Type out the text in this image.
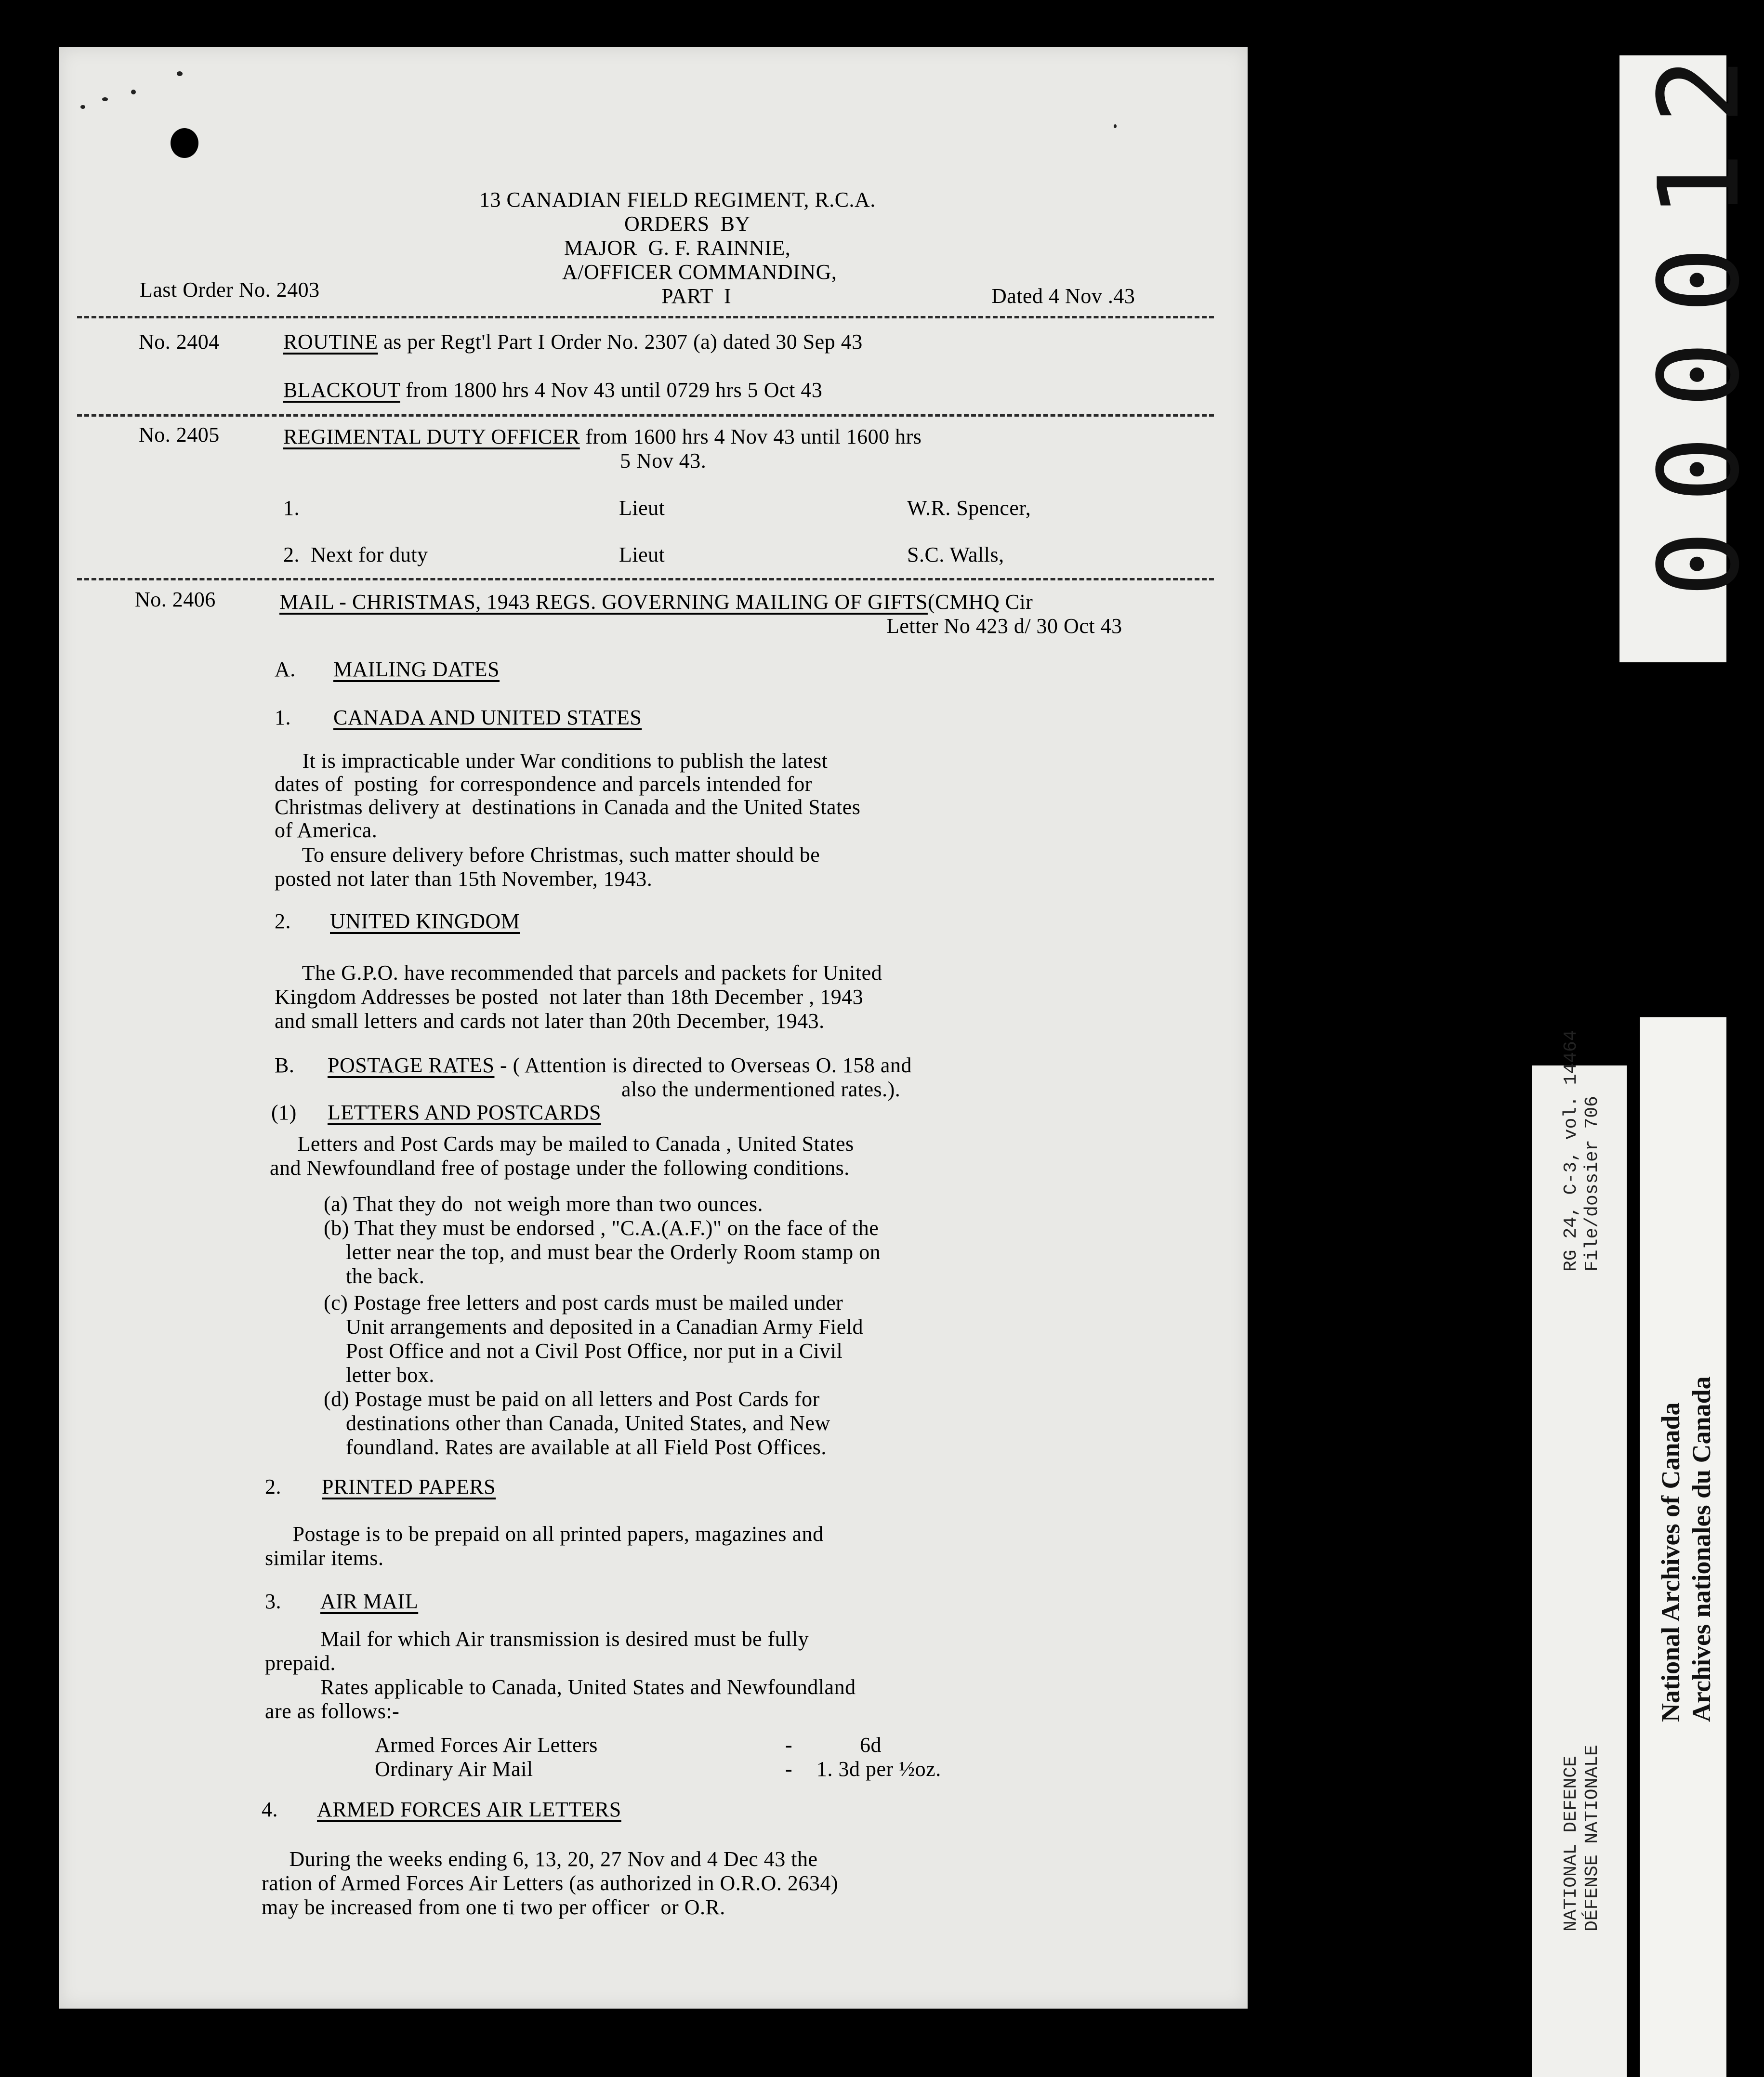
13 CANADIAN FIELD REGIMENT, R.C.A.
ORDERS  BY
MAJOR  G. F. RAINNIE,
A/OFFICER COMMANDING,
Last Order No. 2403	PART  I	Dated 4 Nov .43
No. 2404	ROUTINE as per Regt'l Part I Order No. 2307 (a) dated 30 Sep 43
BLACKOUT from 1800 hrs 4 Nov 43 until 0729 hrs 5 Oct 43
No. 2405	REGIMENTAL DUTY OFFICER from 1600 hrs 4 Nov 43 until 1600 hrs
5 Nov 43.
1.	Lieut	W.R. Spencer,
2.  Next for duty	Lieut	S.C. Walls,
No. 2406	MAIL - CHRISTMAS, 1943 REGS. GOVERNING MAILING OF GIFTS(CMHQ Cir
Letter No 423 d/ 30 Oct 43
A. MAILING DATES
1. CANADA AND UNITED STATES
It is impracticable under War conditions to publish the latest
dates of  posting  for correspondence and parcels intended for
Christmas delivery at  destinations in Canada and the United States
of America.
To ensure delivery before Christmas, such matter should be
posted not later than 15th November, 1943.
2. UNITED KINGDOM
The G.P.O. have recommended that parcels and packets for United
Kingdom Addresses be posted  not later than 18th December , 1943
and small letters and cards not later than 20th December, 1943.
B. POSTAGE RATES - ( Attention is directed to Overseas O. 158 and
also the undermentioned rates.).
(1) LETTERS AND POSTCARDS
Letters and Post Cards may be mailed to Canada , United States
and Newfoundland free of postage under the following conditions.
(a) That they do  not weigh more than two ounces.
(b) That they must be endorsed , "C.A.(A.F.)" on the face of the
letter near the top, and must bear the Orderly Room stamp on
the back.
(c) Postage free letters and post cards must be mailed under
Unit arrangements and deposited in a Canadian Army Field
Post Office and not a Civil Post Office, nor put in a Civil
letter box.
(d) Postage must be paid on all letters and Post Cards for
destinations other than Canada, United States, and New
foundland. Rates are available at all Field Post Offices.
2. PRINTED PAPERS
Postage is to be prepaid on all printed papers, magazines and
similar items.
3. AIR MAIL
Mail for which Air transmission is desired must be fully
prepaid.
Rates applicable to Canada, United States and Newfoundland
are as follows:-
Armed Forces Air Letters	-	6d
Ordinary Air Mail	- 1. 3d per ½oz.
4. ARMED FORCES AIR LETTERS
During the weeks ending 6, 13, 20, 27 Nov and 4 Dec 43 the
ration of Armed Forces Air Letters (as authorized in O.R.O. 2634)
may be increased from one ti two per officer  or O.R.
000012
RG 24, C-3, vol. 14464
File/dossier 706
NATIONAL DEFENCE
DÉFENSE NATIONALE
National Archives of Canada
Archives nationales du Canada
